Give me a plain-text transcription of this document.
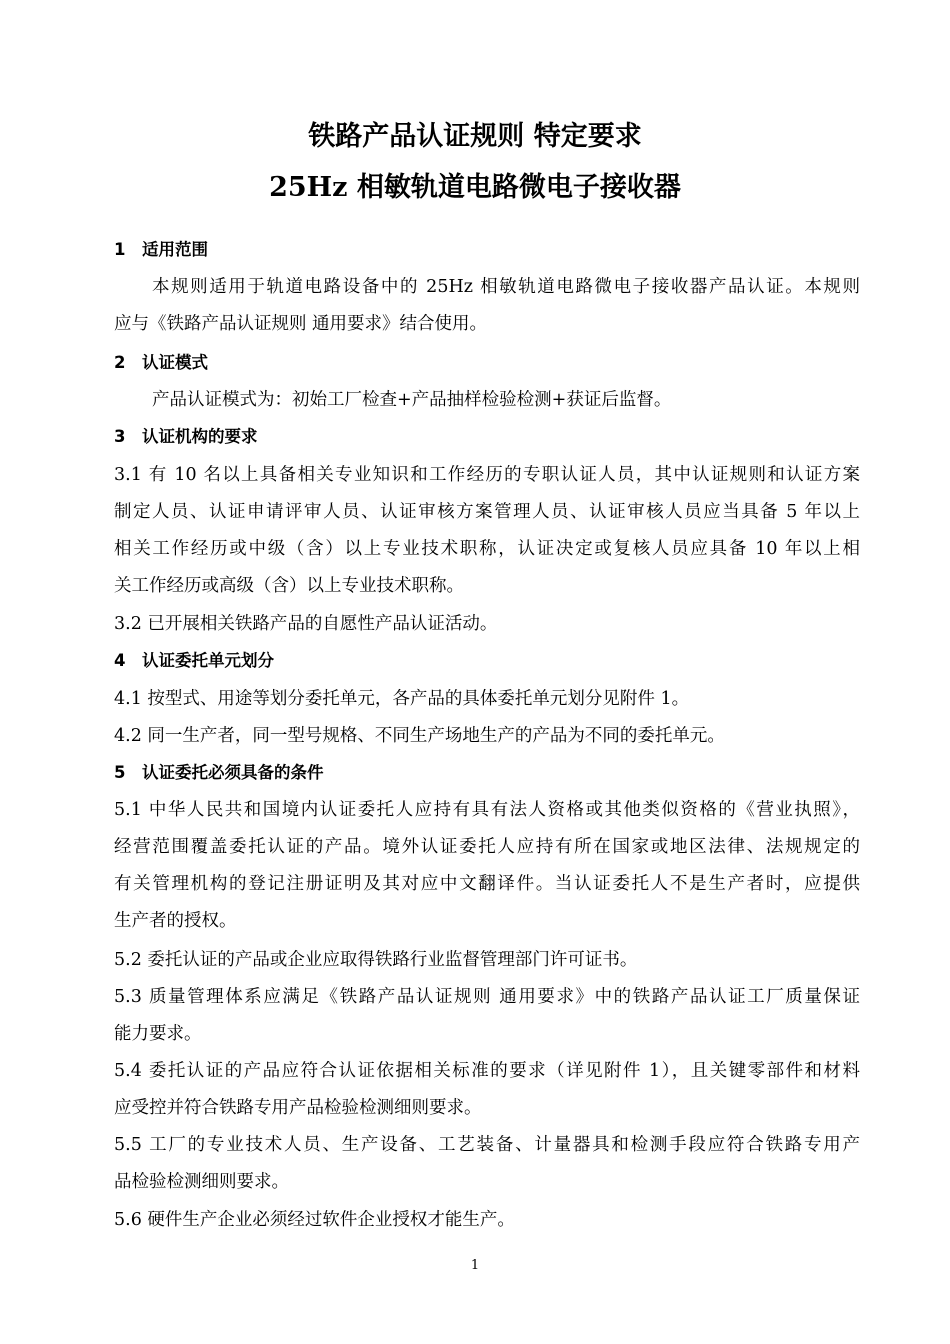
铁路产品认证规则 特定要求
25Hz 相敏轨道电路微电子接收器
1　适用范围
本规则适用于轨道电路设备中的 25Hz 相敏轨道电路微电子接收器产品认证。本规则
应与《铁路产品认证规则 通用要求》结合使用。
2　认证模式
产品认证模式为：初始工厂检查+产品抽样检验检测+获证后监督。
3　认证机构的要求
3.1 有 10 名以上具备相关专业知识和工作经历的专职认证人员，其中认证规则和认证方案
制定人员、认证申请评审人员、认证审核方案管理人员、认证审核人员应当具备 5 年以上
相关工作经历或中级（含）以上专业技术职称，认证决定或复核人员应具备 10 年以上相
关工作经历或高级（含）以上专业技术职称。
3.2 已开展相关铁路产品的自愿性产品认证活动。
4　认证委托单元划分
4.1 按型式、用途等划分委托单元，各产品的具体委托单元划分见附件 1。
4.2 同一生产者，同一型号规格、不同生产场地生产的产品为不同的委托单元。
5　认证委托必须具备的条件
5.1 中华人民共和国境内认证委托人应持有具有法人资格或其他类似资格的《营业执照》，
经营范围覆盖委托认证的产品。境外认证委托人应持有所在国家或地区法律、法规规定的
有关管理机构的登记注册证明及其对应中文翻译件。当认证委托人不是生产者时，应提供
生产者的授权。
5.2 委托认证的产品或企业应取得铁路行业监督管理部门许可证书。
5.3 质量管理体系应满足《铁路产品认证规则 通用要求》中的铁路产品认证工厂质量保证
能力要求。
5.4 委托认证的产品应符合认证依据相关标准的要求（详见附件 1），且关键零部件和材料
应受控并符合铁路专用产品检验检测细则要求。
5.5 工厂的专业技术人员、生产设备、工艺装备、计量器具和检测手段应符合铁路专用产
品检验检测细则要求。
5.6 硬件生产企业必须经过软件企业授权才能生产。
1
